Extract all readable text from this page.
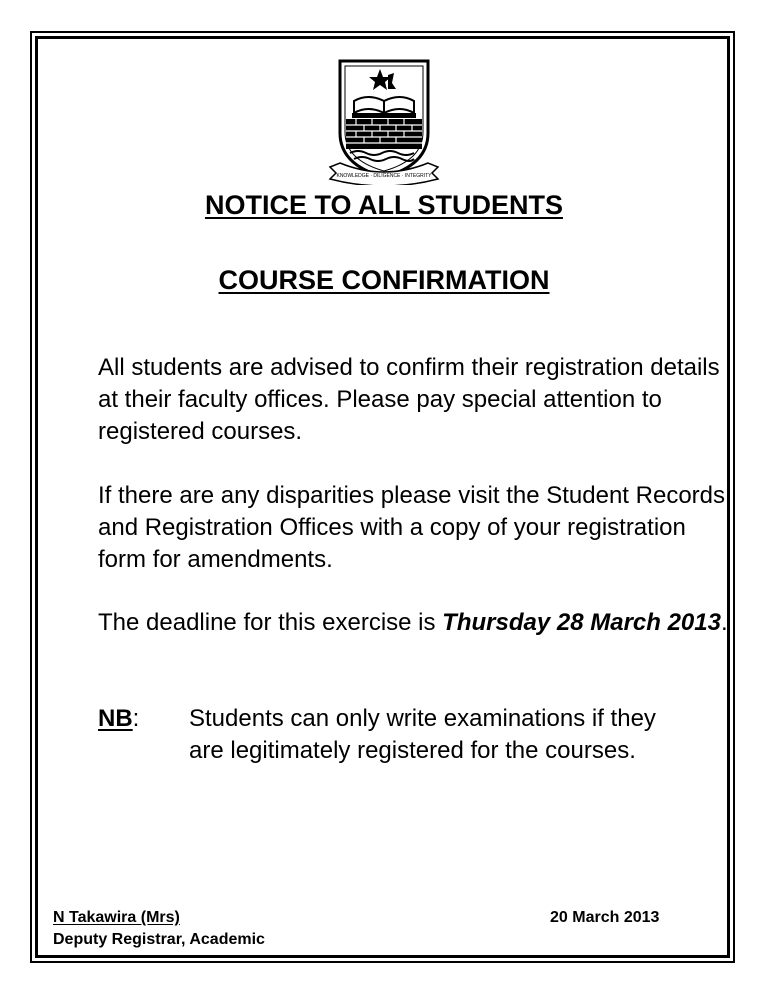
KNOWLEDGE · DILIGENCE · INTEGRITY
NOTICE TO ALL STUDENTS
COURSE CONFIRMATION

All students are advised to confirm their registration details at their faculty offices. Please pay special attention to registered courses.

If there are any disparities please visit the Student Records and Registration Offices with a copy of your registration form for amendments.

The deadline for this exercise is Thursday 28 March 2013.

NB: Students can only write examinations if they are legitimately registered for the courses.

N Takawira (Mrs)
Deputy Registrar, Academic
20 March 2013
